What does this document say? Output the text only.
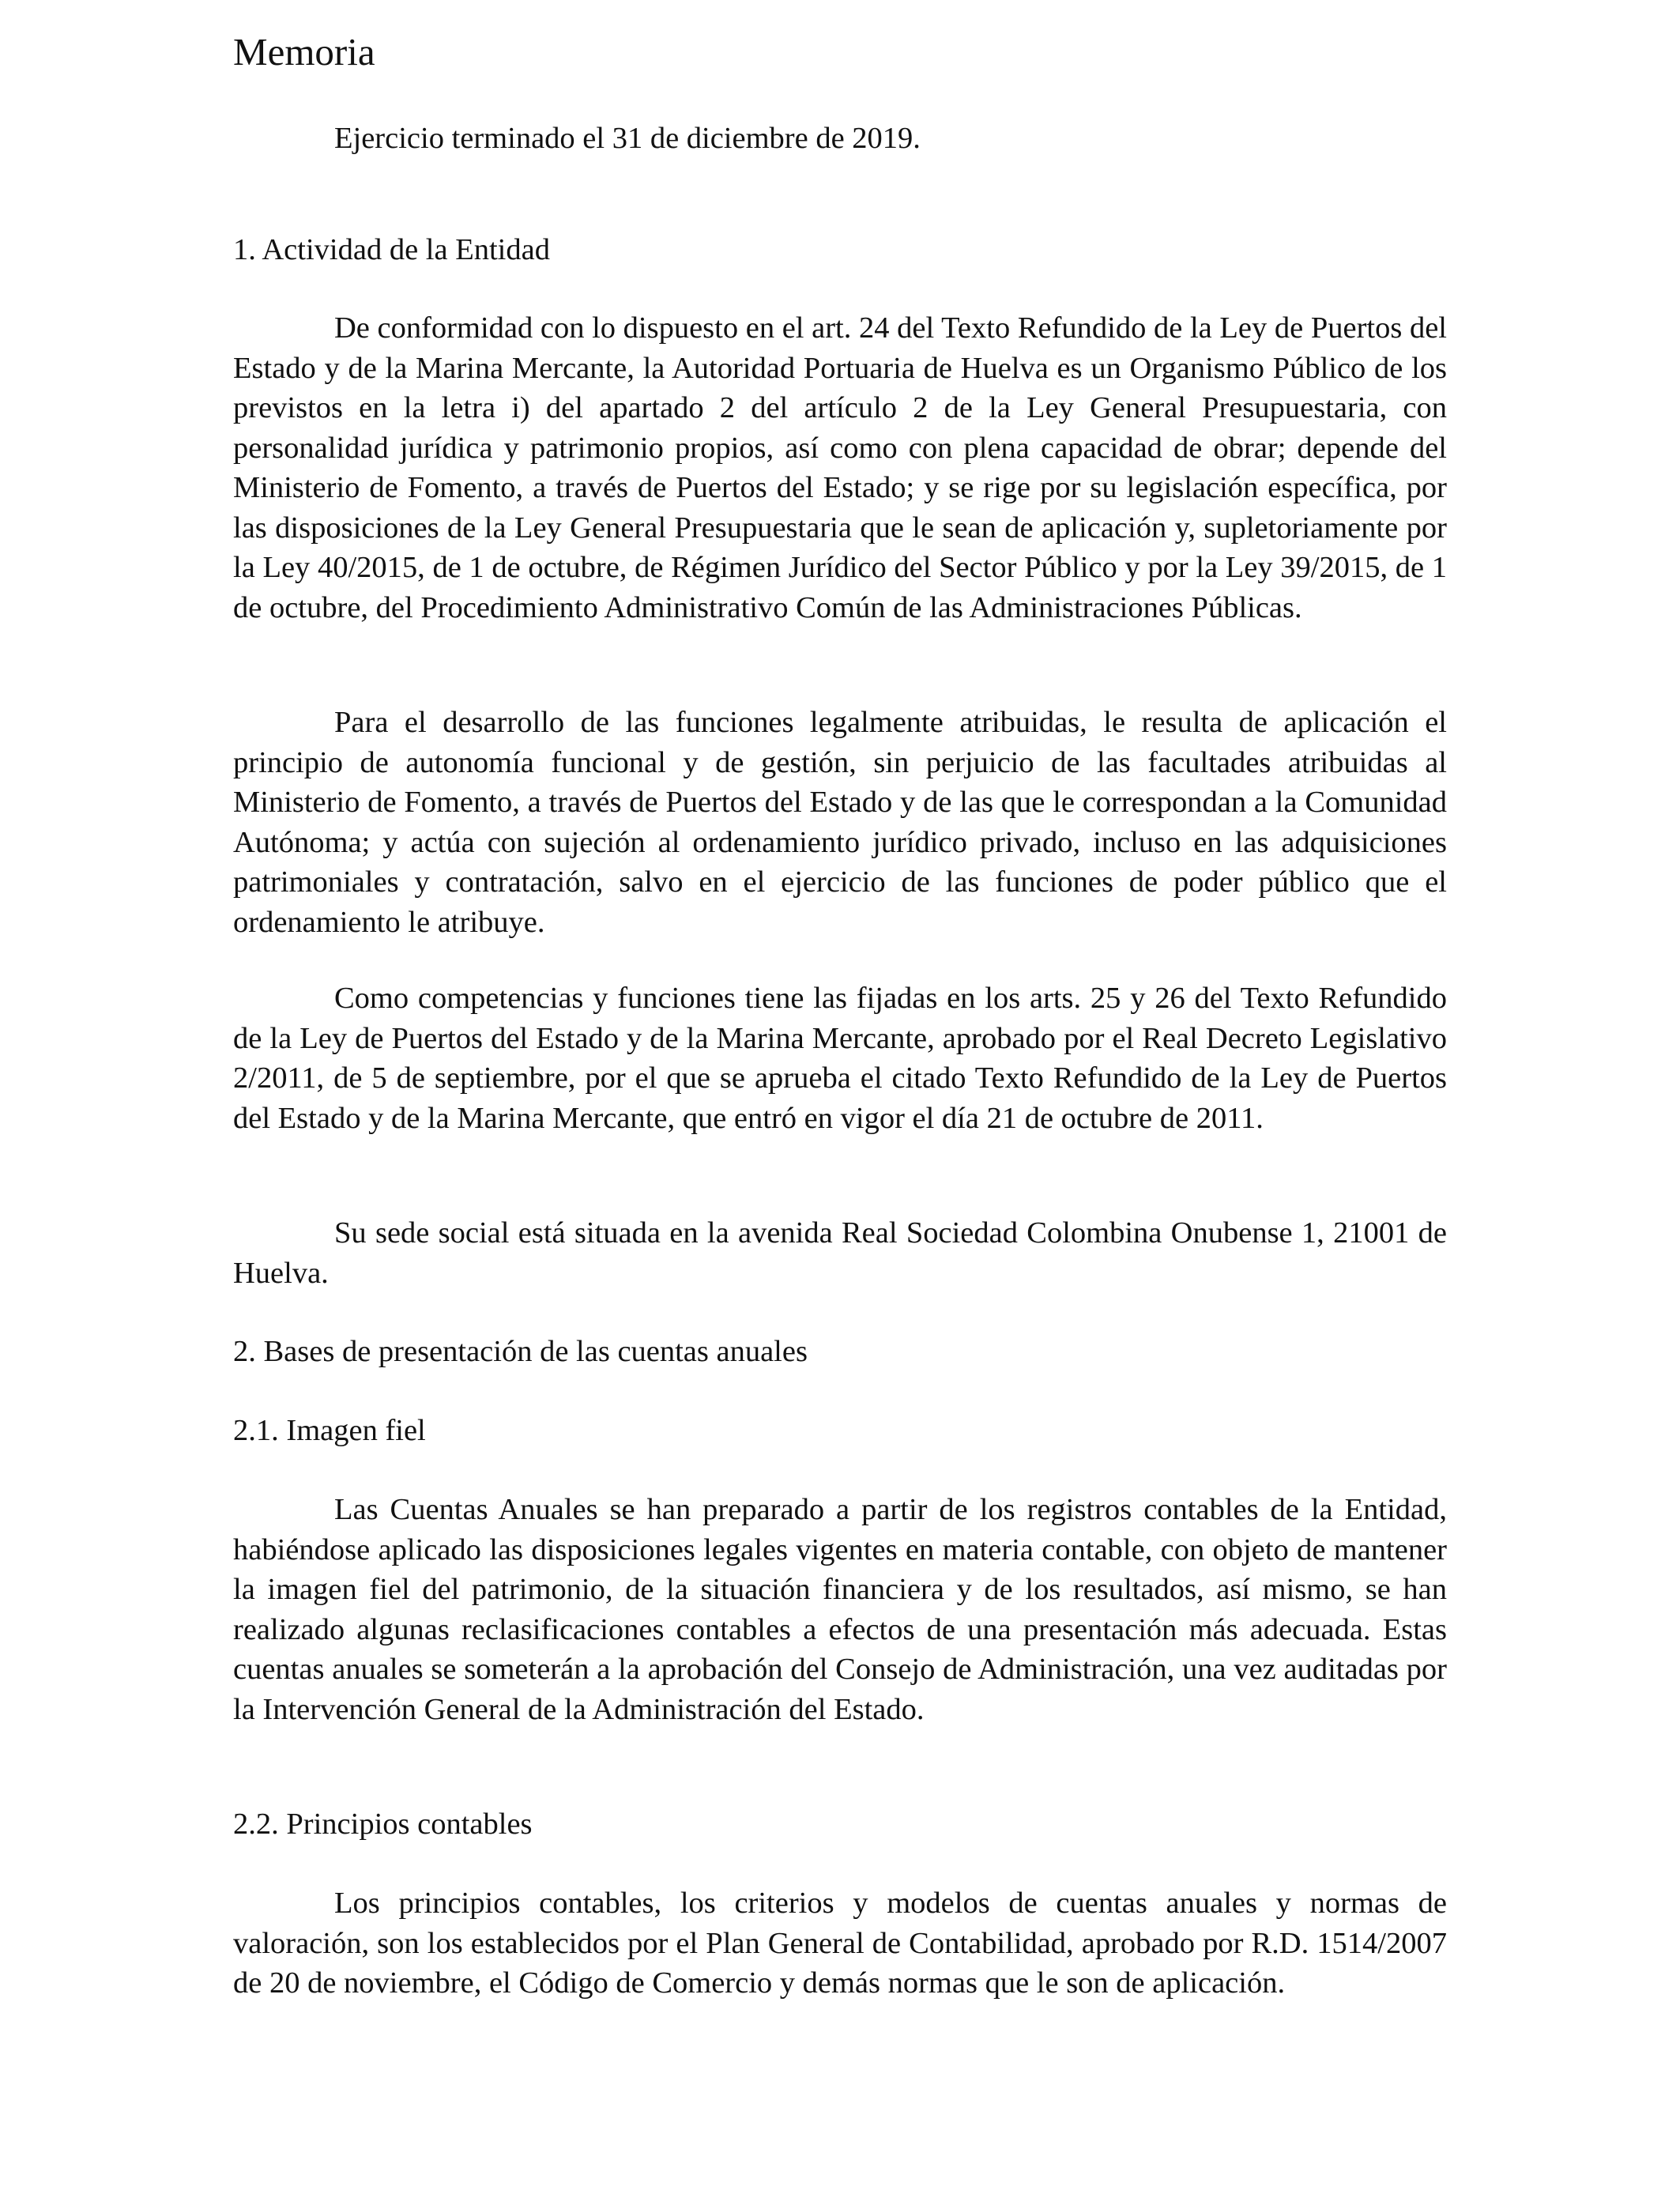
Memoria

Ejercicio terminado el 31 de diciembre de 2019.

1. Actividad de la Entidad

De conformidad con lo dispuesto en el art. 24 del Texto Refundido de la Ley de Puertos del Estado y de la Marina Mercante, la Autoridad Portuaria de Huelva es un Organismo Público de los previstos en la letra i) del apartado 2 del artículo 2 de la Ley General Presupuestaria, con personalidad jurídica y patrimonio propios, así como con plena capacidad de obrar; depende del Ministerio de Fomento, a través de Puertos del Estado; y se rige por su legislación específica, por las disposiciones de la Ley General Presupuestaria que le sean de aplicación y, supletoriamente por la Ley 40/2015, de 1 de octubre, de Régimen Jurídico del Sector Público y por la Ley 39/2015, de 1 de octubre, del Procedimiento Administrativo Común de las Administraciones Públicas.

Para el desarrollo de las funciones legalmente atribuidas, le resulta de aplicación el principio de autonomía funcional y de gestión, sin perjuicio de las facultades atribuidas al Ministerio de Fomento, a través de Puertos del Estado y de las que le correspondan a la Comunidad Autónoma; y actúa con sujeción al ordenamiento jurídico privado, incluso en las adquisiciones patrimoniales y contratación, salvo en el ejercicio de las funciones de poder público que el ordenamiento le atribuye.

Como competencias y funciones tiene las fijadas en los arts. 25 y 26 del Texto Refundido de la Ley de Puertos del Estado y de la Marina Mercante, aprobado por el Real Decreto Legislativo 2/2011, de 5 de septiembre, por el que se aprueba el citado Texto Refundido de la Ley de Puertos del Estado y de la Marina Mercante, que entró en vigor el día 21 de octubre de 2011.

Su sede social está situada en la avenida Real Sociedad Colombina Onubense 1, 21001 de Huelva.

2. Bases de presentación de las cuentas anuales
2.1. Imagen fiel

Las Cuentas Anuales se han preparado a partir de los registros contables de la Entidad, habiéndose aplicado las disposiciones legales vigentes en materia contable, con objeto de mantener la imagen fiel del patrimonio, de la situación financiera y de los resultados, así mismo, se han realizado algunas reclasificaciones contables a efectos de una presentación más adecuada. Estas cuentas anuales se someterán a la aprobación del Consejo de Administración, una vez auditadas por la Intervención General de la Administración del Estado.

2.2. Principios contables

Los principios contables, los criterios y modelos de cuentas anuales y normas de valoración, son los establecidos por el Plan General de Contabilidad, aprobado por R.D. 1514/2007 de 20 de noviembre, el Código de Comercio y demás normas que le son de aplicación.
